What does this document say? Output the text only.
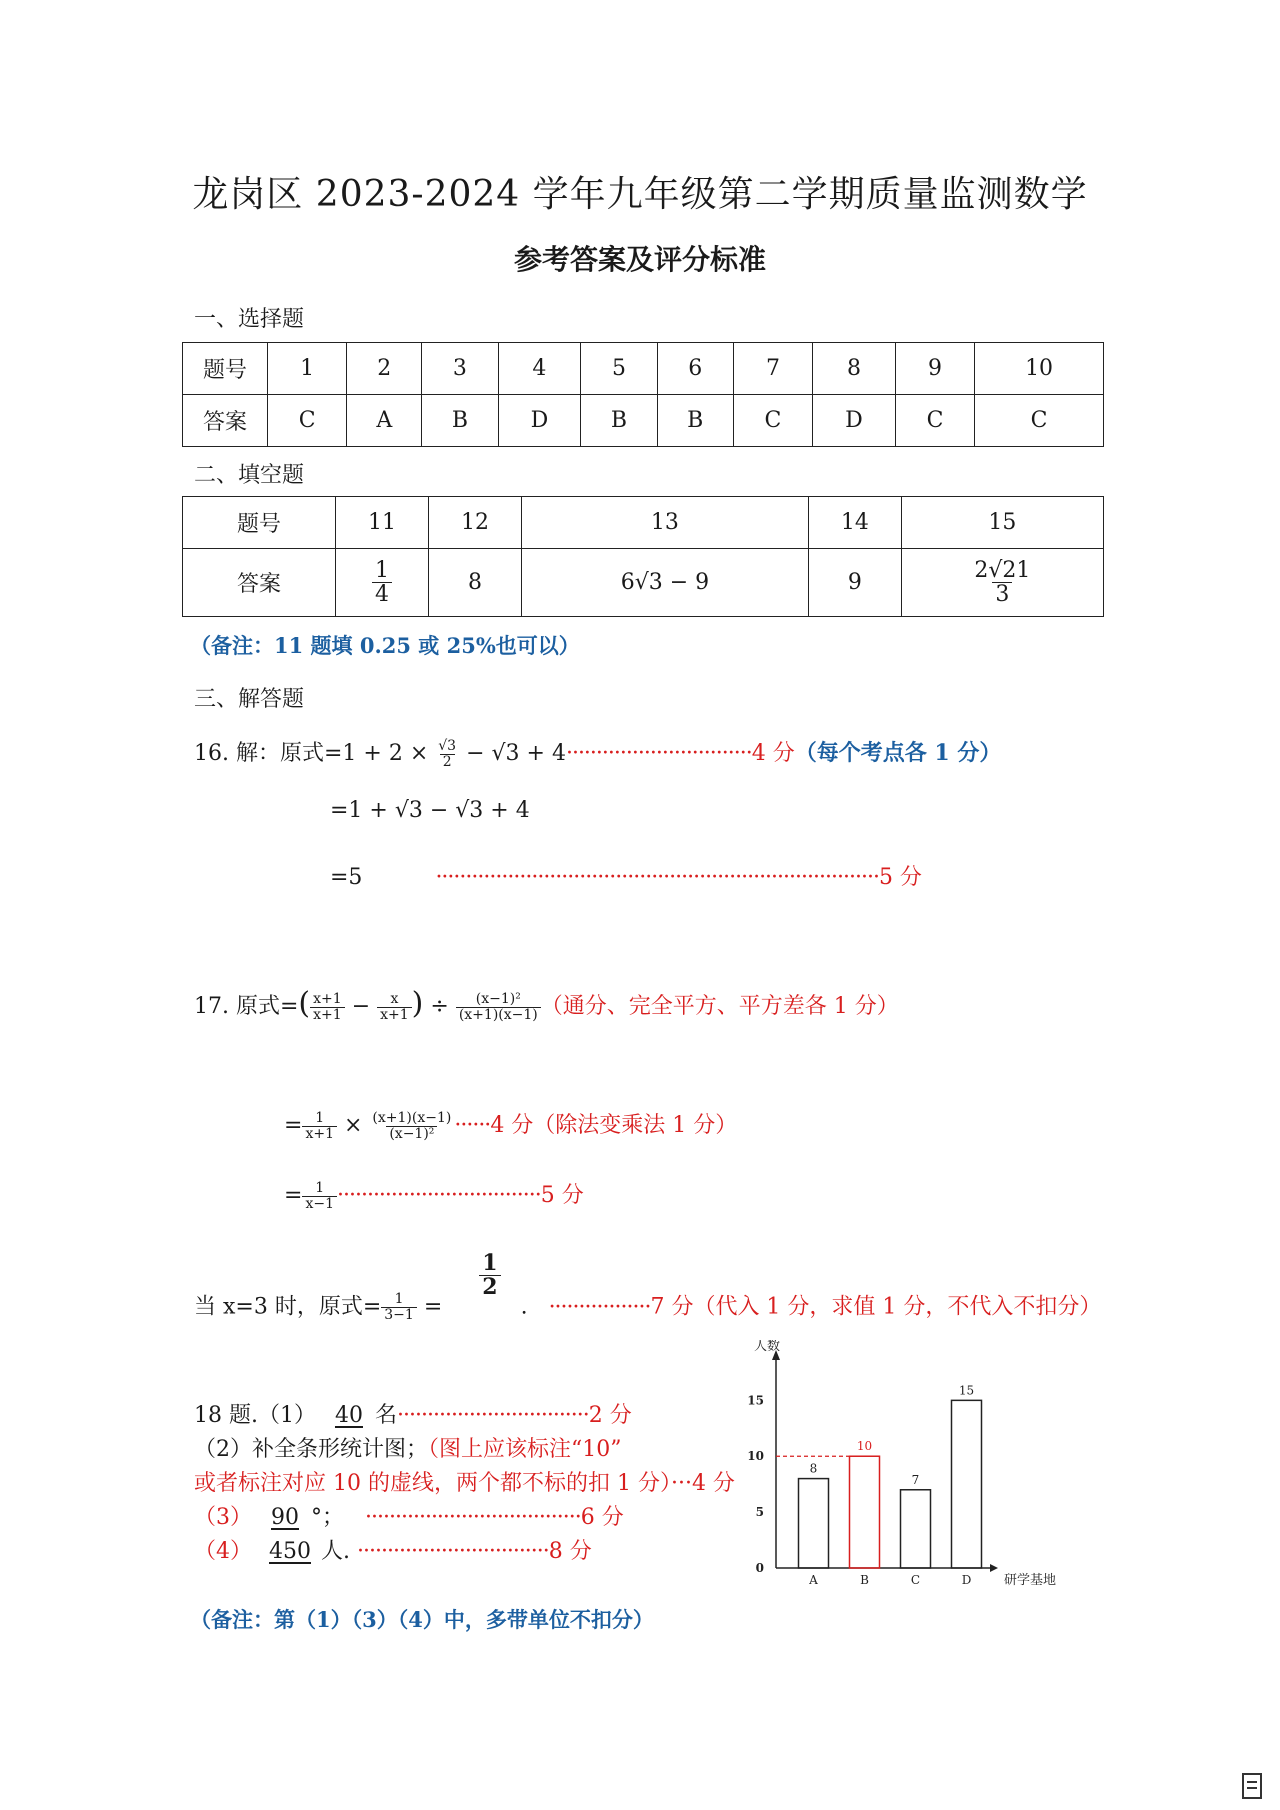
龙岗区 2023-2024 学年九年级第二学期质量监测数学
参考答案及评分标准
一、选择题
题号	1	2	3	4	5	6	7	8	9	10
答案	C	A	B	D	B	B	C	D	C	C
二、填空题
题号	11	12	13	14	15
答案	$\frac{1}{4}$	8	6√3 − 9	9	$\frac{2√21}{3}$
（备注：11 题填 0.25 或 25%也可以）
三、解答题
16. 解：原式$=1 + 2 \times \frac{√3}{2} - √3 + 4\cdot\cdot\cdot\cdot\cdot\cdot\cdot\cdot\cdot\cdot\cdot\cdot\cdot\cdot\cdot\cdot\cdot\cdot\cdot\cdot\cdot\cdot\cdot\cdot\cdot\cdot\cdot\cdot\cdot\cdot\cdot 4$ 分（每个考点各 1 分）
=1 + √3 − √3 + 4
=5	··········································································5 分
17. 原式=( $\frac{x+1}{x+1} - \frac{x}{x+1}$ ) ÷ $\frac{\text{(x−1)²}}{(x+1)(x-1)}$ （通分、完全平方、平方差各 1 分）
= $\frac{1}{x+1} \times \frac{(x+1)(x-1)}{\text{(x−1)²}} \cdot\cdot\cdot\cdot\cdot\cdot 4$ 分（除法变乘法 1 分）
= $\frac{1}{x-1} \cdot\cdot\cdot\cdot\cdot\cdot\cdot\cdot\cdot\cdot\cdot\cdot\cdot\cdot\cdot\cdot\cdot\cdot\cdot\cdot\cdot\cdot\cdot\cdot\cdot\cdot\cdot\cdot\cdot\cdot\cdot\cdot\cdot\cdot 5$ 分
当 x=3 时，原式= $\frac{1}{3-1}$ =
$\frac{1}{2}$
. ·················7 分（代入 1 分，求值 1 分，不代入不扣分）
18 题.（1） 40 名································2 分
（2）补全条形统计图；（图上应该标注“10”
或者标注对应 10 的虚线，两个都不标的扣 1 分）···4 分
（3） 90 °； ····································6 分
（4） 450 人. ································8 分
（备注：第（1）（3）（4）中，多带单位不扣分）
人数
研学基地
0
5
10
15
8
A
10
B
7
C
15
D
